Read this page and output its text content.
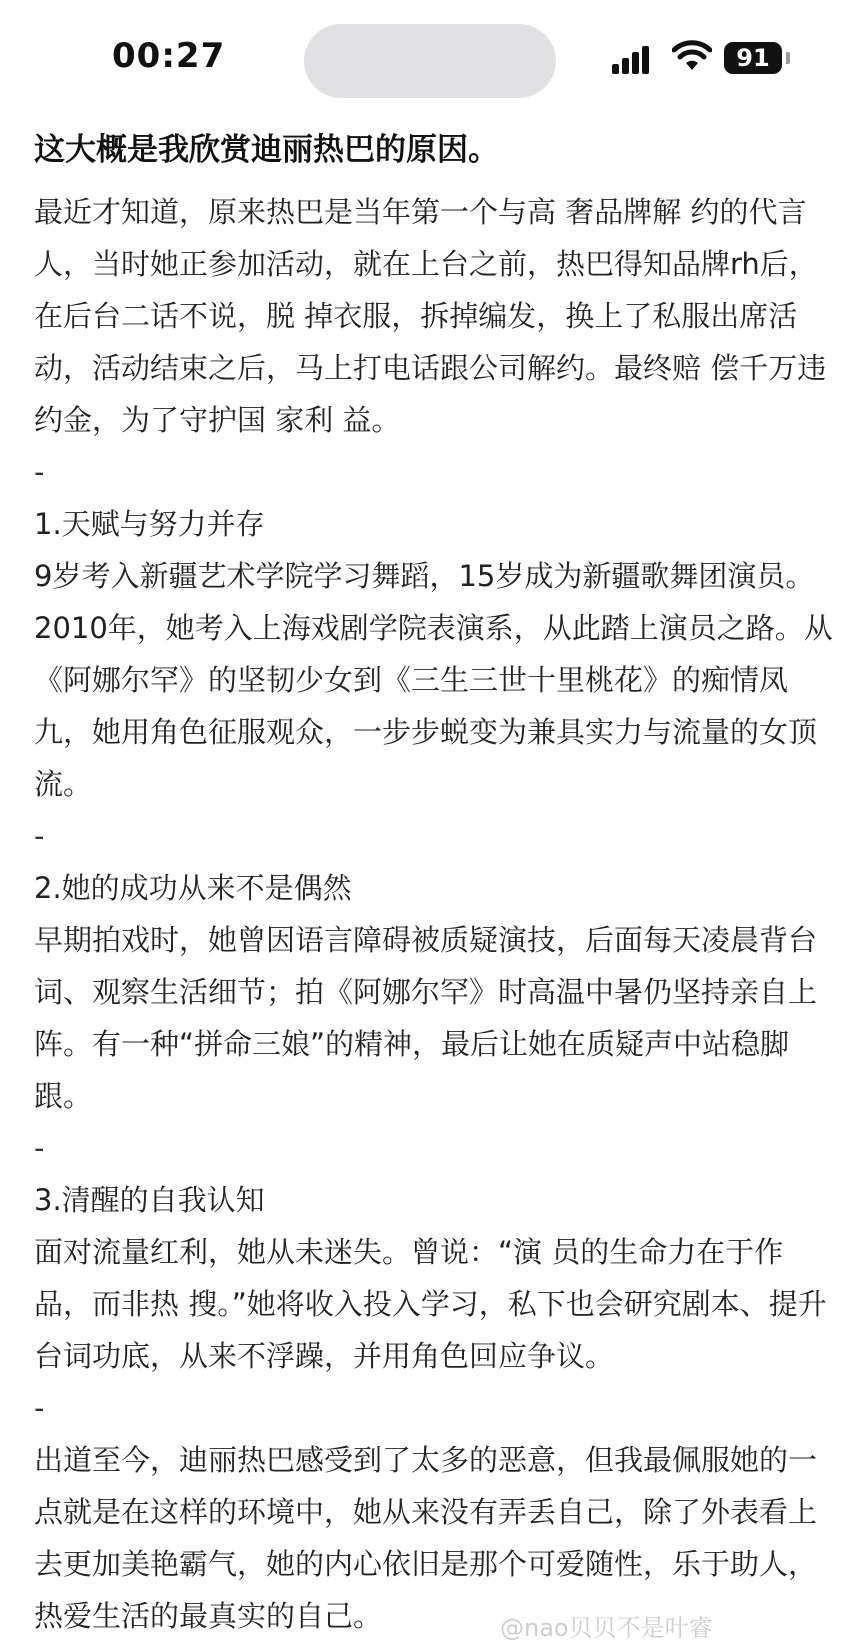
00:27	91
这大概是我欣赏迪丽热巴的原因。

最近才知道，原来热巴是当年第一个与高 奢品牌解 约的代言人，当时她正参加活动，就在上台之前，热巴得知品牌rh后，在后台二话不说，脱 掉衣服，拆掉编发，换上了私服出席活动，活动结束之后，马上打电话跟公司解约。最终赔 偿千万违 约金，为了守护国 家利 益。

-
1.天赋与努力并存

9岁考入新疆艺术学院学习舞蹈，15岁成为新疆歌舞团演员。2010年，她考入上海戏剧学院表演系，从此踏上演员之路。从《阿娜尔罕》的坚韧少女到《三生三世十里桃花》的痴情凤九，她用角色征服观众，一步步蜕变为兼具实力与流量的女顶流。

-
2.她的成功从来不是偶然

早期拍戏时，她曾因语言障碍被质疑演技，后面每天凌晨背台词、观察生活细节；拍《阿娜尔罕》时高温中暑仍坚持亲自上阵。有一种“拼命三娘”的精神，最后让她在质疑声中站稳脚跟。

-
3.清醒的自我认知

面对流量红利，她从未迷失。曾说：“演 员的生命力在于作品，而非热 搜。”她将收入投入学习，私下也会研究剧本、提升台词功底，从来不浮躁，并用角色回应争议。

-

出道至今，迪丽热巴感受到了太多的恶意，但我最佩服她的一点就是在这样的环境中，她从来没有弄丢自己，除了外表看上去更加美艳霸气，她的内心依旧是那个可爱随性，乐于助人，热爱生活的最真实的自己。	@nao贝贝不是叶睿
